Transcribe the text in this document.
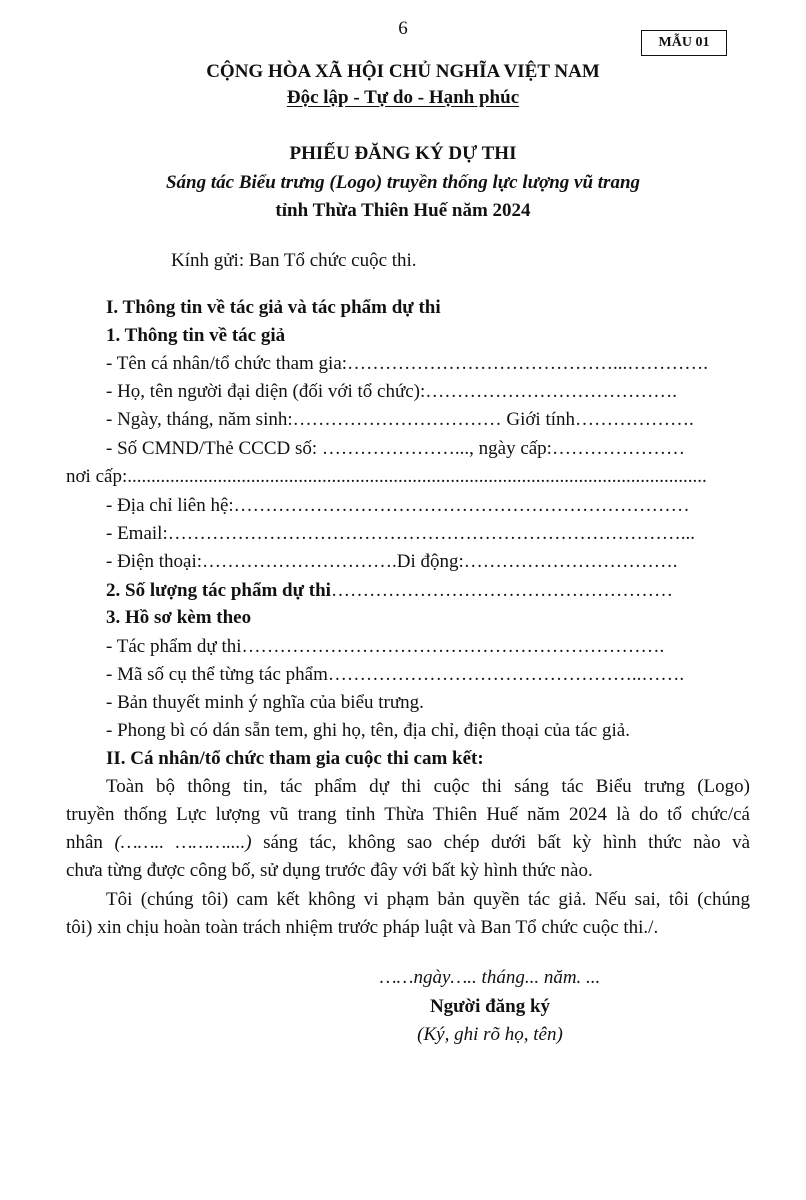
6
MẪU 01
CỘNG HÒA XÃ HỘI CHỦ NGHĨA VIỆT NAM
Độc lập - Tự do - Hạnh phúc
PHIẾU ĐĂNG KÝ DỰ THI
Sáng tác Biểu trưng (Logo) truyền thống lực lượng vũ trang
tỉnh Thừa Thiên Huế năm 2024
Kính gửi: Ban Tổ chức cuộc thi.
I. Thông tin về tác giả và tác phẩm dự thi
1. Thông tin về tác giả
- Tên cá nhân/tổ chức tham gia:……………………………………...………….
- Họ, tên người đại diện (đối với tổ chức):………………………………….
- Ngày, tháng, năm sinh:…………………………… Giới tính……………….
- Số CMND/Thẻ CCCD số: …………………..., ngày cấp:…………………
nơi cấp:..........................................................................................................................
- Địa chỉ liên hệ:………………………………………………………………
- Email:………………………………………………………………………...
- Điện thoại:………………………….Di động:…………………………….
2. Số lượng tác phẩm dự thi………………………………………………
3. Hồ sơ kèm theo
- Tác phẩm dự thi………………………………………………………….
- Mã số cụ thể từng tác phẩm…………………………………………..…….
- Bản thuyết minh ý nghĩa của biểu trưng.
- Phong bì có dán sẵn tem, ghi họ, tên, địa chỉ, điện thoại của tác giả.
II. Cá nhân/tổ chức tham gia cuộc thi cam kết:
Toàn bộ thông tin, tác phẩm dự thi cuộc thi sáng tác Biểu trưng (Logo)
truyền thống Lực lượng vũ trang tỉnh Thừa Thiên Huế năm 2024 là do tổ chức/cá
nhân (…….. ………....) sáng tác, không sao chép dưới bất kỳ hình thức nào và
chưa từng được công bố, sử dụng trước đây với bất kỳ hình thức nào.
Tôi (chúng tôi) cam kết không vi phạm bản quyền tác giả. Nếu sai, tôi (chúng
tôi) xin chịu hoàn toàn trách nhiệm trước pháp luật và Ban Tổ chức cuộc thi./.
……ngày….. tháng... năm. ...
Người đăng ký
(Ký, ghi rõ họ, tên)
